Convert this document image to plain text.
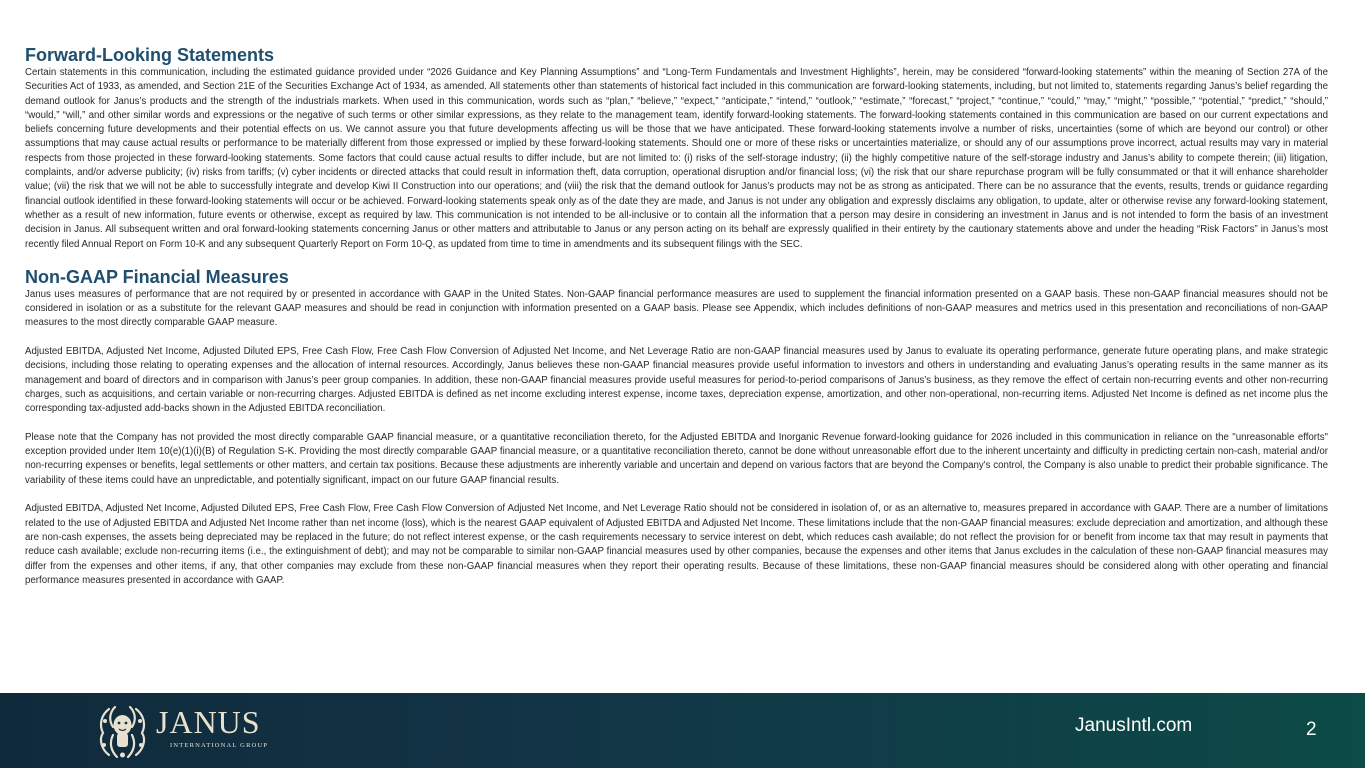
Forward-Looking Statements

Certain statements in this communication, including the estimated guidance provided under “2026 Guidance and Key Planning Assumptions” and “Long-Term Fundamentals and Investment Highlights”, herein, may be considered “forward-looking statements” within the meaning of Section 27A of the Securities Act of 1933, as amended, and Section 21E of the Securities Exchange Act of 1934, as amended. All statements other than statements of historical fact included in this communication are forward-looking statements, including, but not limited to, statements regarding Janus’s belief regarding the demand outlook for Janus’s products and the strength of the industrials markets. When used in this communication, words such as “plan,” “believe,” “expect,” “anticipate,” “intend,” “outlook,” “estimate,” “forecast,” “project,” “continue,” “could,” “may,” “might,” “possible,” “potential,” “predict,” “should,” “would,” “will,” and other similar words and expressions or the negative of such terms or other similar expressions, as they relate to the management team, identify forward-looking statements. The forward-looking statements contained in this communication are based on our current expectations and beliefs concerning future developments and their potential effects on us. We cannot assure you that future developments affecting us will be those that we have anticipated. These forward-looking statements involve a number of risks, uncertainties (some of which are beyond our control) or other assumptions that may cause actual results or performance to be materially different from those expressed or implied by these forward-looking statements. Should one or more of these risks or uncertainties materialize, or should any of our assumptions prove incorrect, actual results may vary in material respects from those projected in these forward-looking statements. Some factors that could cause actual results to differ include, but are not limited to: (i) risks of the self-storage industry; (ii) the highly competitive nature of the self-storage industry and Janus’s ability to compete therein; (iii) litigation, complaints, and/or adverse publicity; (iv) risks from tariffs; (v) cyber incidents or directed attacks that could result in information theft, data corruption, operational disruption and/or financial loss; (vi) the risk that our share repurchase program will be fully consummated or that it will enhance shareholder value; (vii) the risk that we will not be able to successfully integrate and develop Kiwi II Construction into our operations; and (viii) the risk that the demand outlook for Janus’s products may not be as strong as anticipated. There can be no assurance that the events, results, trends or guidance regarding financial outlook identified in these forward-looking statements will occur or be achieved. Forward-looking statements speak only as of the date they are made, and Janus is not under any obligation and expressly disclaims any obligation, to update, alter or otherwise revise any forward-looking statement, whether as a result of new information, future events or otherwise, except as required by law. This communication is not intended to be all-inclusive or to contain all the information that a person may desire in considering an investment in Janus and is not intended to form the basis of an investment decision in Janus. All subsequent written and oral forward-looking statements concerning Janus or other matters and attributable to Janus or any person acting on its behalf are expressly qualified in their entirety by the cautionary statements above and under the heading “Risk Factors” in Janus’s most recently filed Annual Report on Form 10-K and any subsequent Quarterly Report on Form 10-Q, as updated from time to time in amendments and its subsequent filings with the SEC.

Non-GAAP Financial Measures

Janus uses measures of performance that are not required by or presented in accordance with GAAP in the United States. Non-GAAP financial performance measures are used to supplement the financial information presented on a GAAP basis. These non-GAAP financial measures should not be considered in isolation or as a substitute for the relevant GAAP measures and should be read in conjunction with information presented on a GAAP basis. Please see Appendix, which includes definitions of non-GAAP measures and metrics used in this presentation and reconciliations of non-GAAP measures to the most directly comparable GAAP measure.

Adjusted EBITDA, Adjusted Net Income, Adjusted Diluted EPS, Free Cash Flow, Free Cash Flow Conversion of Adjusted Net Income, and Net Leverage Ratio are non-GAAP financial measures used by Janus to evaluate its operating performance, generate future operating plans, and make strategic decisions, including those relating to operating expenses and the allocation of internal resources. Accordingly, Janus believes these non-GAAP financial measures provide useful information to investors and others in understanding and evaluating Janus’s operating results in the same manner as its management and board of directors and in comparison with Janus’s peer group companies. In addition, these non-GAAP financial measures provide useful measures for period-to-period comparisons of Janus’s business, as they remove the effect of certain non-recurring events and other non-recurring charges, such as acquisitions, and certain variable or non-recurring charges. Adjusted EBITDA is defined as net income excluding interest expense, income taxes, depreciation expense, amortization, and other non-operational, non-recurring items. Adjusted Net Income is defined as net income plus the corresponding tax-adjusted add-backs shown in the Adjusted EBITDA reconciliation.

Please note that the Company has not provided the most directly comparable GAAP financial measure, or a quantitative reconciliation thereto, for the Adjusted EBITDA and Inorganic Revenue forward-looking guidance for 2026 included in this communication in reliance on the "unreasonable efforts" exception provided under Item 10(e)(1)(i)(B) of Regulation S-K. Providing the most directly comparable GAAP financial measure, or a quantitative reconciliation thereto, cannot be done without unreasonable effort due to the inherent uncertainty and difficulty in predicting certain non-cash, material and/or non-recurring expenses or benefits, legal settlements or other matters, and certain tax positions. Because these adjustments are inherently variable and uncertain and depend on various factors that are beyond the Company's control, the Company is also unable to predict their probable significance. The variability of these items could have an unpredictable, and potentially significant, impact on our future GAAP financial results.

Adjusted EBITDA, Adjusted Net Income, Adjusted Diluted EPS, Free Cash Flow, Free Cash Flow Conversion of Adjusted Net Income, and Net Leverage Ratio should not be considered in isolation of, or as an alternative to, measures prepared in accordance with GAAP. There are a number of limitations related to the use of Adjusted EBITDA and Adjusted Net Income rather than net income (loss), which is the nearest GAAP equivalent of Adjusted EBITDA and Adjusted Net Income. These limitations include that the non-GAAP financial measures: exclude depreciation and amortization, and although these are non-cash expenses, the assets being depreciated may be replaced in the future; do not reflect interest expense, or the cash requirements necessary to service interest on debt, which reduces cash available; do not reflect the provision for or benefit from income tax that may result in payments that reduce cash available; exclude non-recurring items (i.e., the extinguishment of debt); and may not be comparable to similar non-GAAP financial measures used by other companies, because the expenses and other items that Janus excludes in the calculation of these non-GAAP financial measures may differ from the expenses and other items, if any, that other companies may exclude from these non-GAAP financial measures when they report their operating results. Because of these limitations, these non-GAAP financial measures should be considered along with other operating and financial performance measures presented in accordance with GAAP.

JANUS
INTERNATIONAL GROUP
JanusIntl.com	2
